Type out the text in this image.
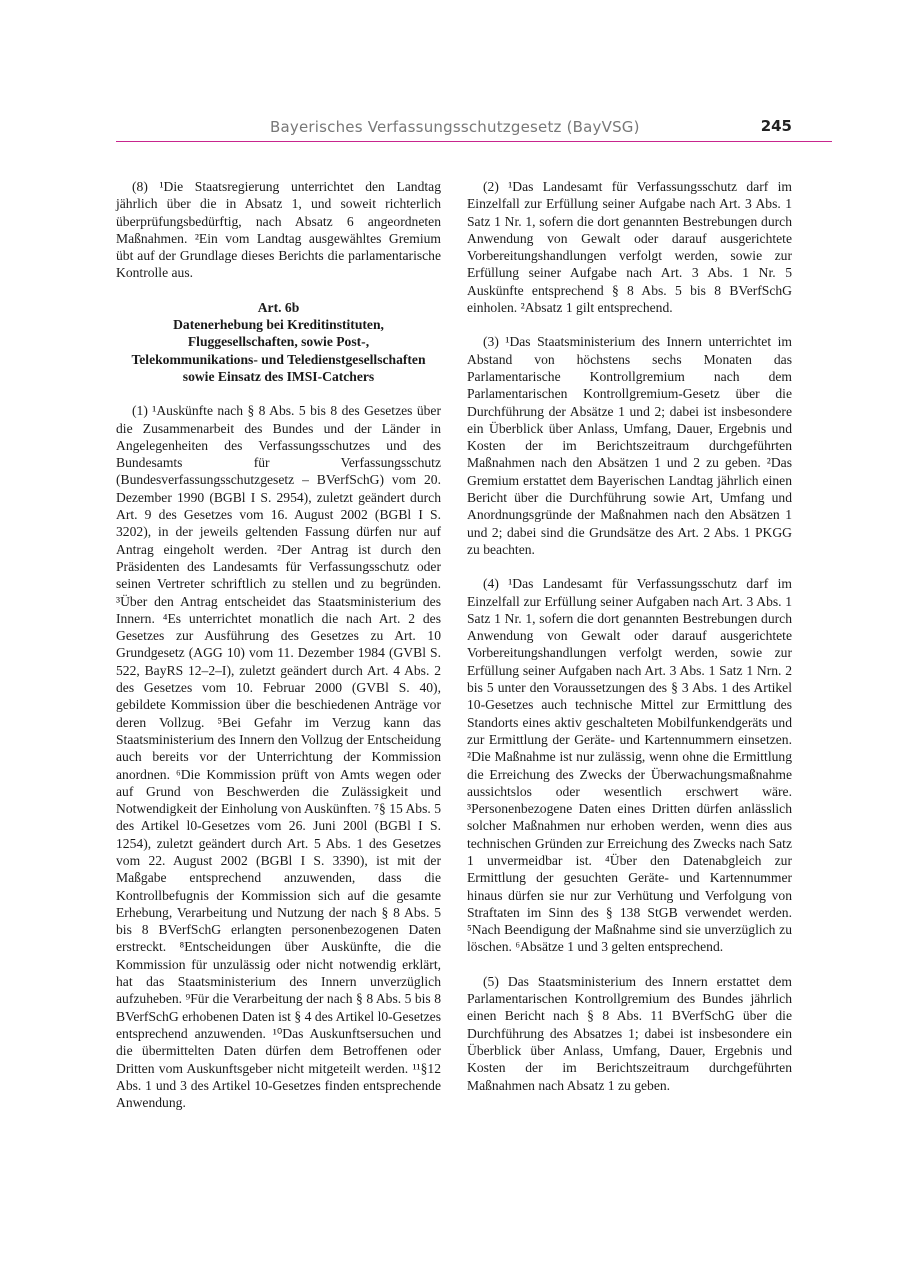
Bayerisches Verfassungsschutzgesetz (BayVSG)	245

(8) ¹Die Staatsregierung unterrichtet den Landtag jährlich über die in Absatz 1, und soweit richterlich überprüfungsbedürftig, nach Absatz 6 angeordneten Maßnahmen. ²Ein vom Landtag ausgewähltes Gremium übt auf der Grundlage dieses Berichts die parlamentarische Kontrolle aus.

Art. 6b
Datenerhebung bei Kreditinstituten, Fluggesellschaften, sowie Post-, Telekommunikations- und Teledienstgesellschaften sowie Einsatz des IMSI-Catchers

(1) ¹Auskünfte nach § 8 Abs. 5 bis 8 des Gesetzes über die Zusammenarbeit des Bundes und der Länder in Angelegenheiten des Verfassungsschutzes und des Bundesamts für Verfassungsschutz (Bundesverfassungsschutzgesetz – BVerfSchG) vom 20. Dezember 1990 (BGBl I S. 2954), zuletzt geändert durch Art. 9 des Gesetzes vom 16. August 2002 (BGBl I S. 3202), in der jeweils geltenden Fassung dürfen nur auf Antrag eingeholt werden. ²Der Antrag ist durch den Präsidenten des Landesamts für Verfassungsschutz oder seinen Vertreter schriftlich zu stellen und zu begründen. ³Über den Antrag entscheidet das Staatsministerium des Innern. ⁴Es unterrichtet monatlich die nach Art. 2 des Gesetzes zur Ausführung des Gesetzes zu Art. 10 Grundgesetz (AGG 10) vom 11. Dezember 1984 (GVBl S. 522, BayRS 12–2–I), zuletzt geändert durch Art. 4 Abs. 2 des Gesetzes vom 10. Februar 2000 (GVBl S. 40), gebildete Kommission über die beschiedenen Anträge vor deren Vollzug. ⁵Bei Gefahr im Verzug kann das Staatsministerium des Innern den Vollzug der Entscheidung auch bereits vor der Unterrichtung der Kommission anordnen. ⁶Die Kommission prüft von Amts wegen oder auf Grund von Beschwerden die Zulässigkeit und Notwendigkeit der Einholung von Auskünften. ⁷§ 15 Abs. 5 des Artikel l0-Gesetzes vom 26. Juni 200l (BGBl I S. 1254), zuletzt geändert durch Art. 5 Abs. 1 des Gesetzes vom 22. August 2002 (BGBl I S. 3390), ist mit der Maßgabe entsprechend anzuwenden, dass die Kontrollbefugnis der Kommission sich auf die gesamte Erhebung, Verarbeitung und Nutzung der nach § 8 Abs. 5 bis 8 BVerfSchG erlangten personenbezogenen Daten erstreckt. ⁸Entscheidungen über Auskünfte, die die Kommission für unzulässig oder nicht notwendig erklärt, hat das Staatsministerium des Innern unverzüglich aufzuheben. ⁹Für die Verarbeitung der nach § 8 Abs. 5 bis 8 BVerfSchG erhobenen Daten ist § 4 des Artikel l0-Gesetzes entsprechend anzuwenden. ¹⁰Das Auskunftsersuchen und die übermittelten Daten dürfen dem Betroffenen oder Dritten vom Auskunftsgeber nicht mitgeteilt werden. ¹¹§12 Abs. 1 und 3 des Artikel 10-Gesetzes finden entsprechende Anwendung.

(2) ¹Das Landesamt für Verfassungsschutz darf im Einzelfall zur Erfüllung seiner Aufgabe nach Art. 3 Abs. 1 Satz 1 Nr. 1, sofern die dort genannten Bestrebungen durch Anwendung von Gewalt oder darauf ausgerichtete Vorbereitungshandlungen verfolgt werden, sowie zur Erfüllung seiner Aufgabe nach Art. 3 Abs. 1 Nr. 5 Auskünfte entsprechend § 8 Abs. 5 bis 8 BVerfSchG einholen. ²Absatz 1 gilt entsprechend.

(3) ¹Das Staatsministerium des Innern unterrichtet im Abstand von höchstens sechs Monaten das Parlamentarische Kontrollgremium nach dem Parlamentarischen Kontrollgremium-Gesetz über die Durchführung der Absätze 1 und 2; dabei ist insbesondere ein Überblick über Anlass, Umfang, Dauer, Ergebnis und Kosten der im Berichtszeitraum durchgeführten Maßnahmen nach den Absätzen 1 und 2 zu geben. ²Das Gremium erstattet dem Bayerischen Landtag jährlich einen Bericht über die Durchführung sowie Art, Umfang und Anordnungsgründe der Maßnahmen nach den Absätzen 1 und 2; dabei sind die Grundsätze des Art. 2 Abs. 1 PKGG zu beachten.

(4) ¹Das Landesamt für Verfassungsschutz darf im Einzelfall zur Erfüllung seiner Aufgaben nach Art. 3 Abs. 1 Satz 1 Nr. 1, sofern die dort genannten Bestrebungen durch Anwendung von Gewalt oder darauf ausgerichtete Vorbereitungshandlungen verfolgt werden, sowie zur Erfüllung seiner Aufgaben nach Art. 3 Abs. 1 Satz 1 Nrn. 2 bis 5 unter den Voraussetzungen des § 3 Abs. 1 des Artikel 10-Gesetzes auch technische Mittel zur Ermittlung des Standorts eines aktiv geschalteten Mobilfunkendgeräts und zur Ermittlung der Geräte- und Kartennummern einsetzen. ²Die Maßnahme ist nur zulässig, wenn ohne die Ermittlung die Erreichung des Zwecks der Überwachungsmaßnahme aussichtslos oder wesentlich erschwert wäre. ³Personenbezogene Daten eines Dritten dürfen anlässlich solcher Maßnahmen nur erhoben werden, wenn dies aus technischen Gründen zur Erreichung des Zwecks nach Satz 1 unvermeidbar ist. ⁴Über den Datenabgleich zur Ermittlung der gesuchten Geräte- und Kartennummer hinaus dürfen sie nur zur Verhütung und Verfolgung von Straftaten im Sinn des § 138 StGB verwendet werden. ⁵Nach Beendigung der Maßnahme sind sie unverzüglich zu löschen. ⁶Absätze 1 und 3 gelten entsprechend.

(5) Das Staatsministerium des Innern erstattet dem Parlamentarischen Kontrollgremium des Bundes jährlich einen Bericht nach § 8 Abs. 11 BVerfSchG über die Durchführung des Absatzes 1; dabei ist insbesondere ein Überblick über Anlass, Umfang, Dauer, Ergebnis und Kosten der im Berichtszeitraum durchgeführten Maßnahmen nach Absatz 1 zu geben.
